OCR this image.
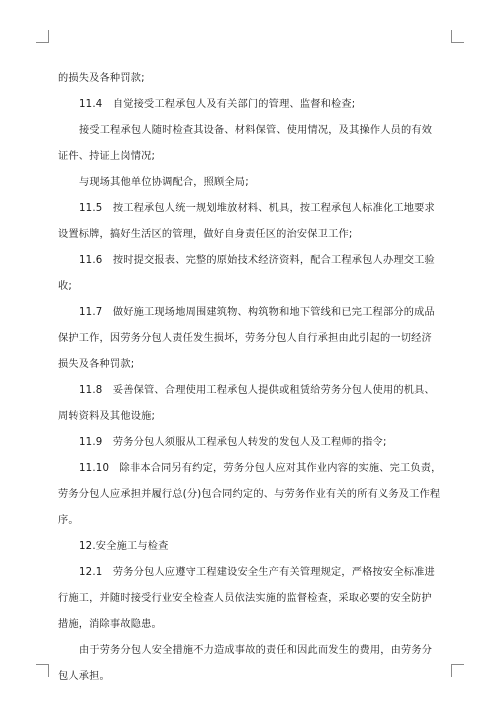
的损失及各种罚款;

11.4　自觉接受工程承包人及有关部门的管理、监督和检查;

接受工程承包人随时检查其设备、材料保管、使用情况，及其操作人员的有效证件、持证上岗情况;

与现场其他单位协调配合，照顾全局;

11.5　按工程承包人统一规划堆放材料、机具，按工程承包人标准化工地要求设置标牌，搞好生活区的管理，做好自身责任区的治安保卫工作;

11.6　按时提交报表、完整的原始技术经济资料，配合工程承包人办理交工验收;

11.7　做好施工现场地周围建筑物、构筑物和地下管线和已完工程部分的成品保护工作，因劳务分包人责任发生损坏，劳务分包人自行承担由此引起的一切经济损失及各种罚款;

11.8　妥善保管、合理使用工程承包人提供或租赁给劳务分包人使用的机具、周转资料及其他设施;

11.9　劳务分包人须服从工程承包人转发的发包人及工程师的指令;

11.10　除非本合同另有约定，劳务分包人应对其作业内容的实施、完工负责，劳务分包人应承担并履行总(分)包合同约定的、与劳务作业有关的所有义务及工作程序。

12.安全施工与检查

12.1　劳务分包人应遵守工程建设安全生产有关管理规定，严格按安全标准进行施工，并随时接受行业安全检查人员依法实施的监督检查，采取必要的安全防护措施，消除事故隐患。

由于劳务分包人安全措施不力造成事故的责任和因此而发生的费用，由劳务分包人承担。
